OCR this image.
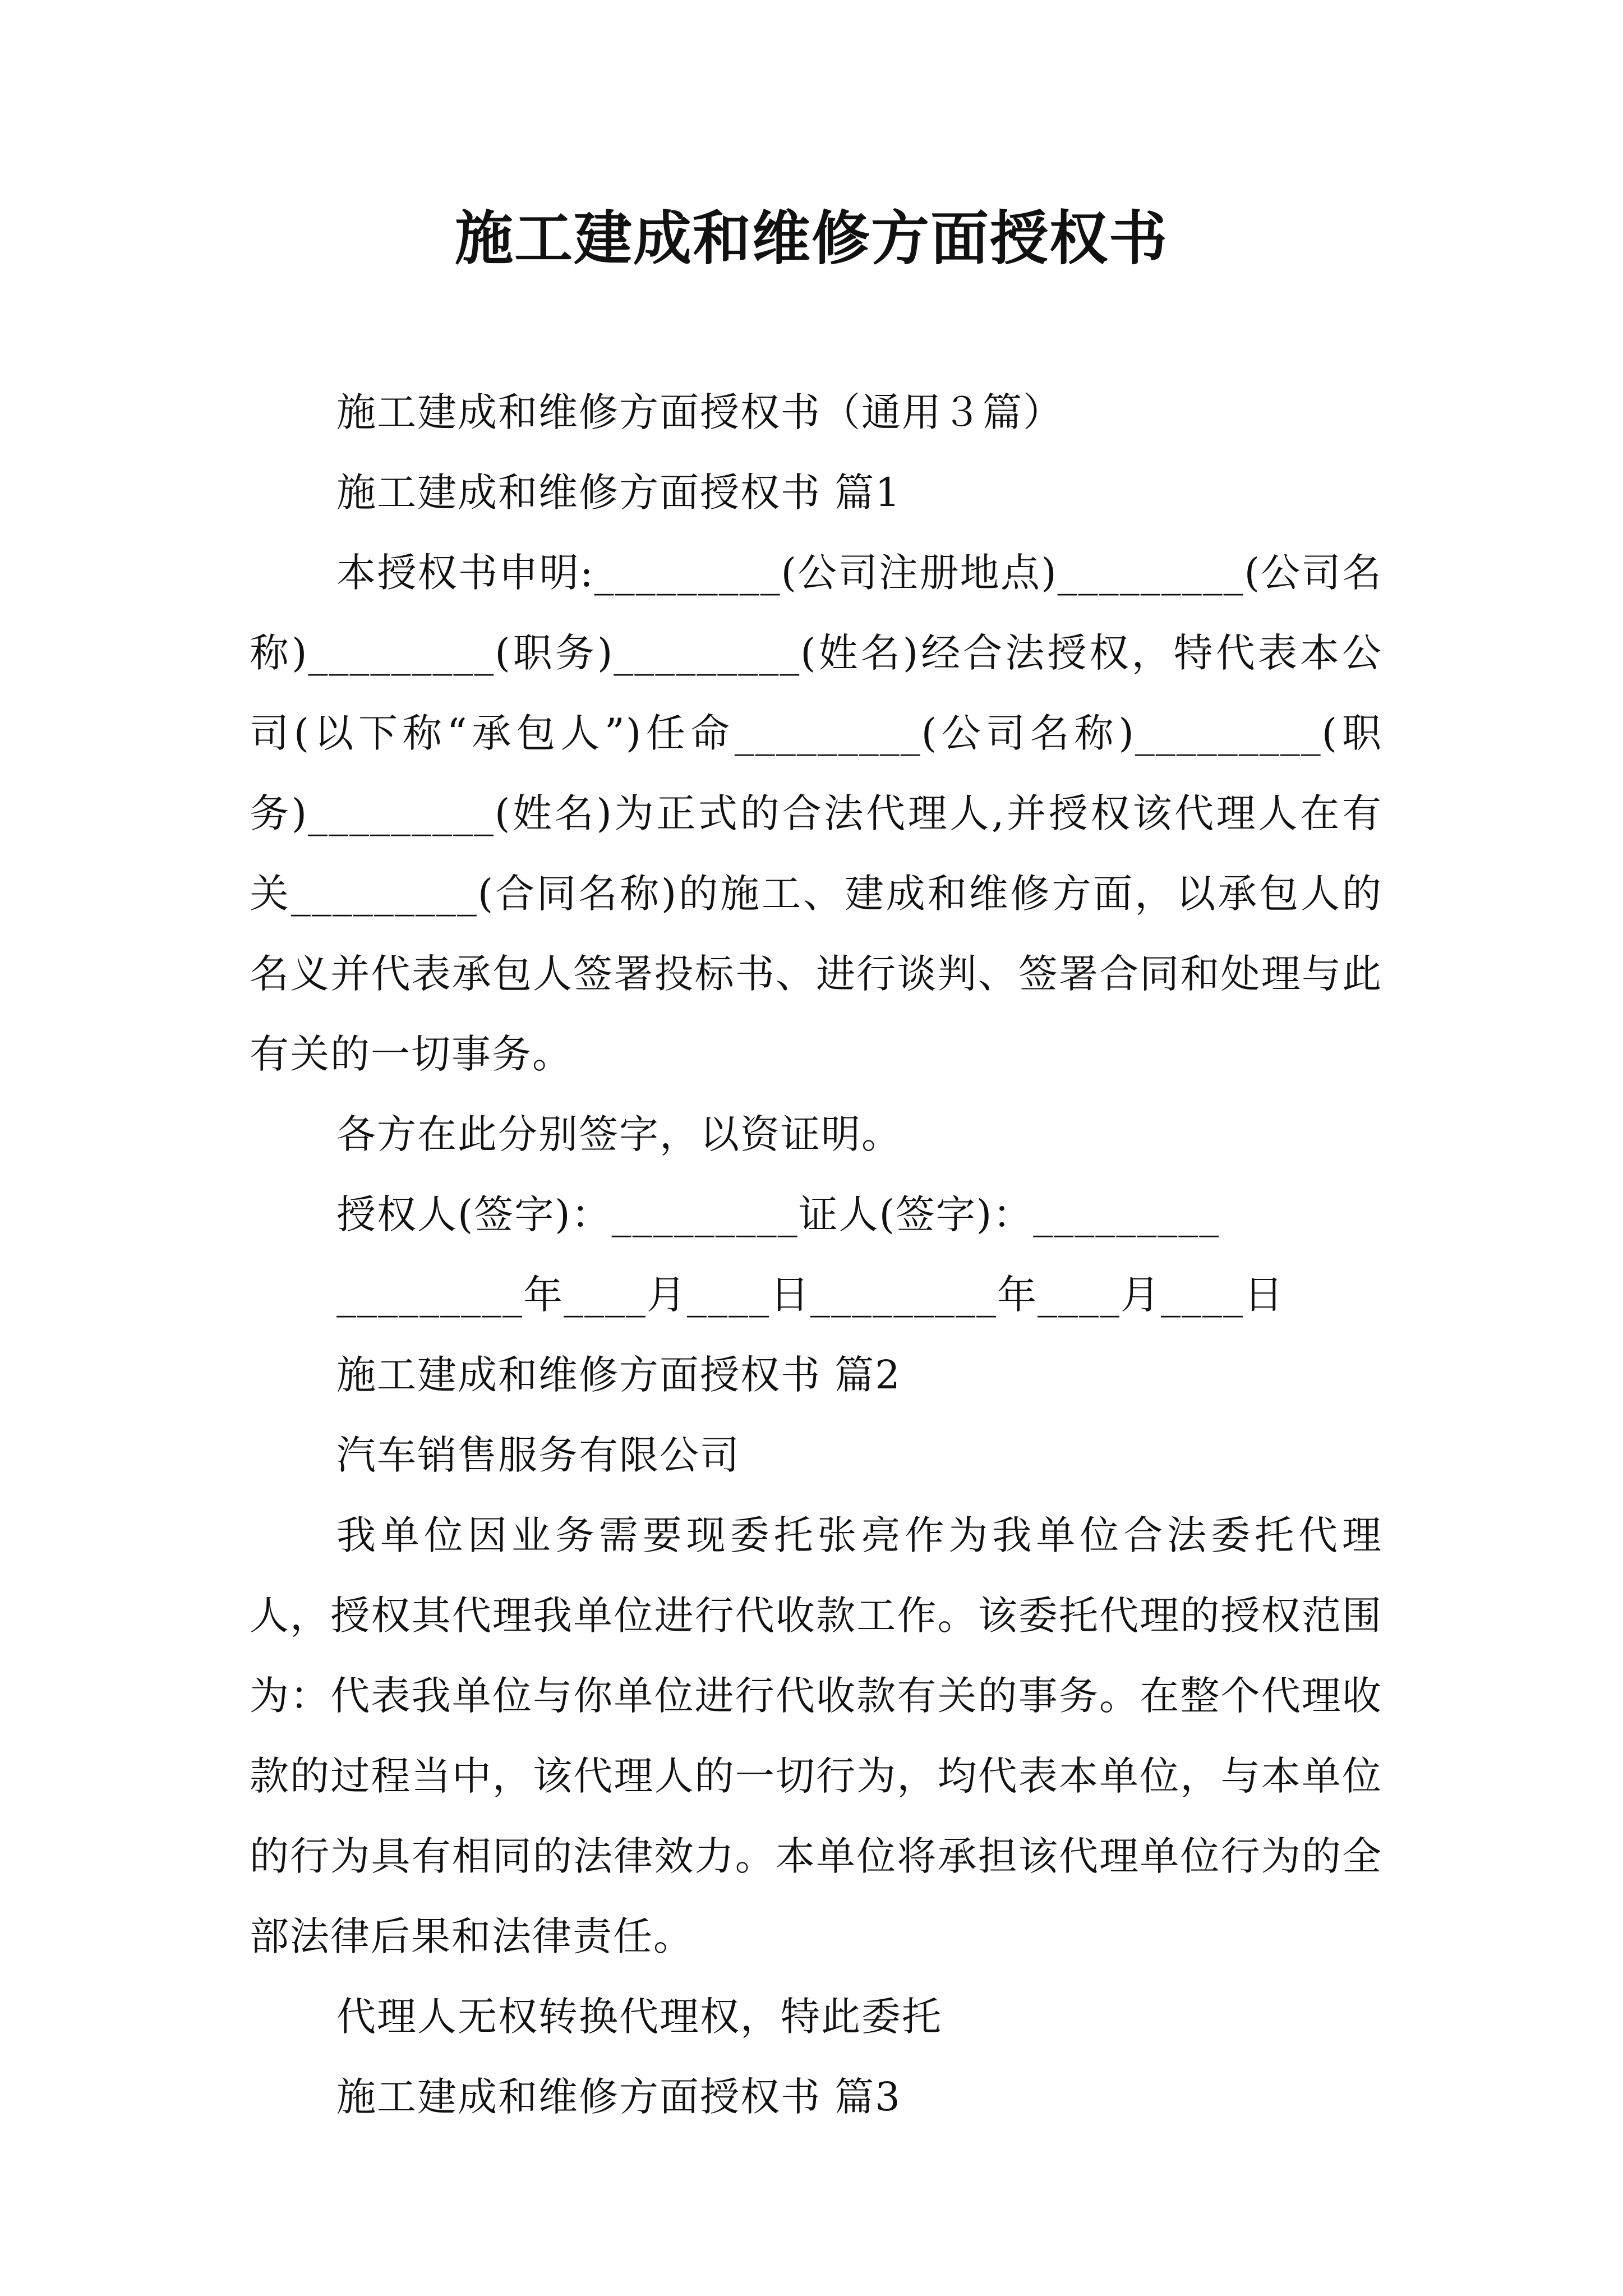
施工建成和维修方面授权书

施工建成和维修方面授权书（通用３篇）

施工建成和维修方面授权书 篇1

本授权书申明:_________(公司注册地点)_________(公司名称)_________(职务)_________(姓名)经合法授权，特代表本公司(以下称“承包人”)任命_________(公司名称)_________(职务)_________(姓名)为正式的合法代理人,并授权该代理人在有关_________(合同名称)的施工、建成和维修方面，以承包人的名义并代表承包人签署投标书、进行谈判、签署合同和处理与此有关的一切事务。

各方在此分别签字，以资证明。

授权人(签字)：_________证人(签字)：_________

_________年____月____日_________年____月____日

施工建成和维修方面授权书 篇2

汽车销售服务有限公司

我单位因业务需要现委托张亮作为我单位合法委托代理人，授权其代理我单位进行代收款工作。该委托代理的授权范围为：代表我单位与你单位进行代收款有关的事务。在整个代理收款的过程当中，该代理人的一切行为，均代表本单位，与本单位的行为具有相同的法律效力。本单位将承担该代理单位行为的全部法律后果和法律责任。

代理人无权转换代理权，特此委托

施工建成和维修方面授权书 篇3
